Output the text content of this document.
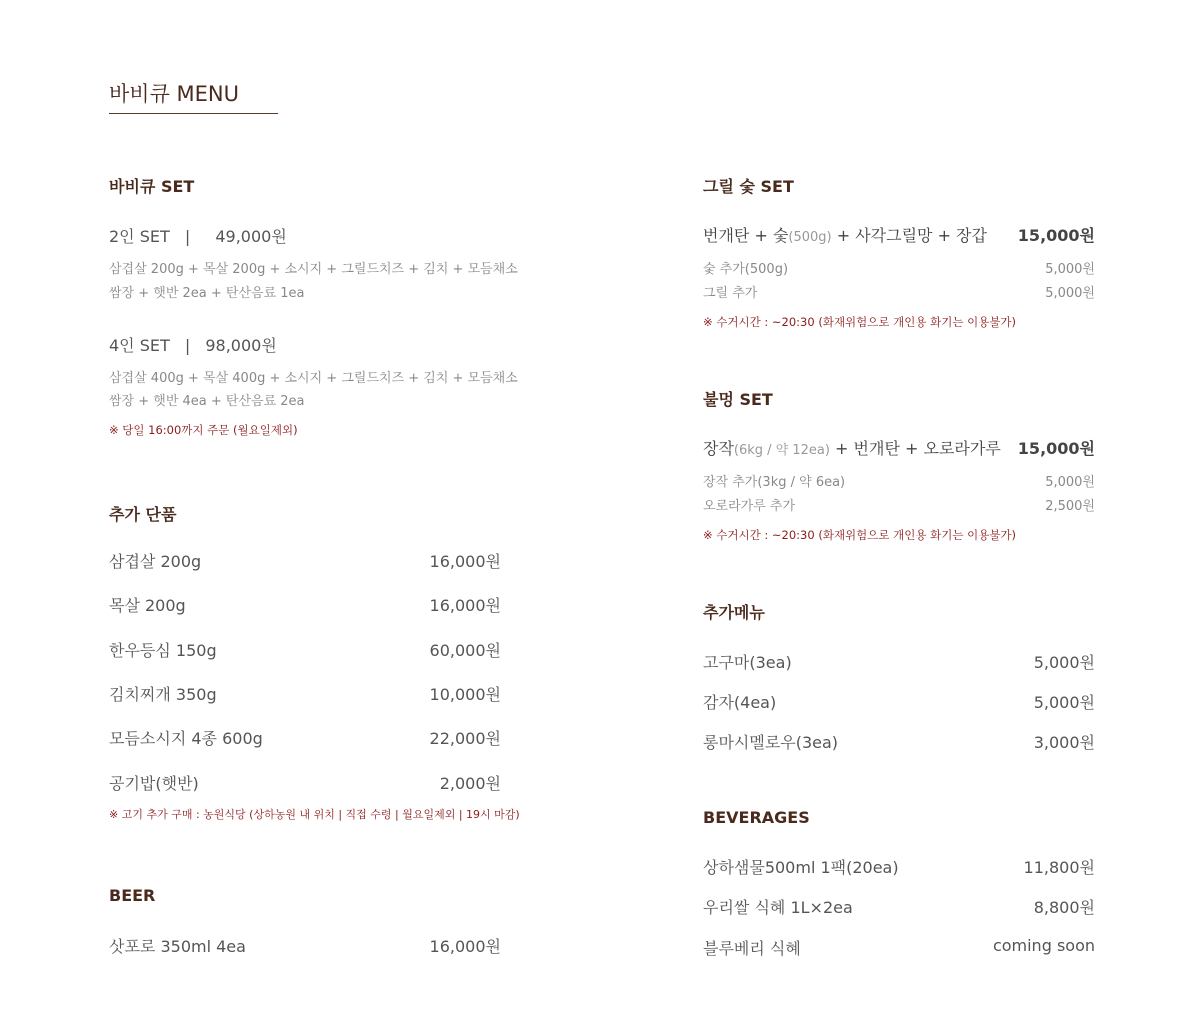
바비큐 MENU
바비큐 SET
2인 SET | 49,000원
삼겹살 200g + 목살 200g + 소시지 + 그릴드치즈 + 김치 + 모듬채소
쌈장 + 햇반 2ea + 탄산음료 1ea
4인 SET | 98,000원
삼겹살 400g + 목살 400g + 소시지 + 그릴드치즈 + 김치 + 모듬채소
쌈장 + 햇반 4ea + 탄산음료 2ea
※ 당일 16:00까지 주문 (월요일제외)
추가 단품
삼겹살 200g	16,000원
목살 200g	16,000원
한우등심 150g	60,000원
김치찌개 350g	10,000원
모듬소시지 4종 600g	22,000원
공기밥(햇반)	2,000원
※ 고기 추가 구매 : 농원식당 (상하농원 내 위치 | 직접 수령 | 월요일제외 | 19시 마감)
BEER
삿포로 350ml 4ea	16,000원
그릴 숯 SET
번개탄 + 숯(500g) + 사각그릴망 + 장갑 15,000원
숯 추가(500g)	5,000원
그릴 추가	5,000원
※ 수거시간 : ~20:30 (화재위험으로 개인용 화기는 이용불가)
불멍 SET
장작(6kg / 약 12ea) + 번개탄 + 오로라가루 15,000원
장작 추가(3kg / 약 6ea)	5,000원
오로라가루 추가	2,500원
※ 수거시간 : ~20:30 (화재위험으로 개인용 화기는 이용불가)
추가메뉴
고구마(3ea)	5,000원
감자(4ea)	5,000원
롱마시멜로우(3ea)	3,000원
BEVERAGES
상하샘물500ml 1팩(20ea)	11,800원
우리쌀 식혜 1L×2ea	8,800원
블루베리 식혜	coming soon
